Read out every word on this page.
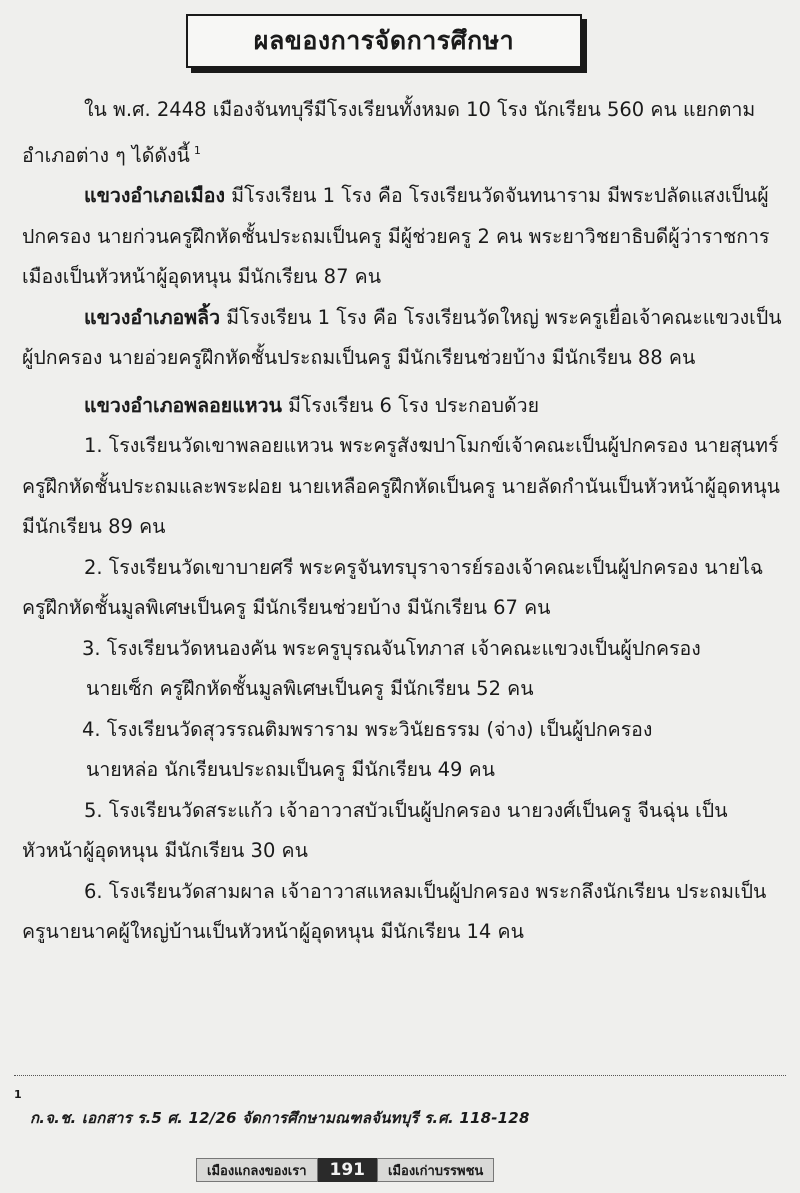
ผลของการจัดการศึกษา

ใน พ.ศ. 2448 เมืองจันทบุรีมีโรงเรียนทั้งหมด 10 โรง นักเรียน 560 คน แยกตามอำเภอต่าง ๆ ได้ดังนี้ $^1$

แขวงอำเภอเมือง มีโรงเรียน 1 โรง คือ โรงเรียนวัดจันทนาราม มีพระปลัดแสงเป็นผู้ปกครอง นายก่วนครูฝึกหัดชั้นประถมเป็นครู มีผู้ช่วยครู 2 คน พระยาวิชยาธิบดีผู้ว่าราชการเมืองเป็นหัวหน้าผู้อุดหนุน มีนักเรียน 87 คน

แขวงอำเภอพลิ้ว มีโรงเรียน 1 โรง คือ โรงเรียนวัดใหญ่ พระครูเยื่อเจ้าคณะแขวงเป็นผู้ปกครอง นายอ่วยครูฝึกหัดชั้นประถมเป็นครู มีนักเรียนช่วยบ้าง มีนักเรียน 88 คน

แขวงอำเภอพลอยแหวน มีโรงเรียน 6 โรง ประกอบด้วย

1. โรงเรียนวัดเขาพลอยแหวน พระครูสังฆปาโมกข์เจ้าคณะเป็นผู้ปกครอง นายสุนทร์ครูฝึกหัดชั้นประถมและพระฝอย นายเหลือครูฝึกหัดเป็นครู นายลัดกำนันเป็นหัวหน้าผู้อุดหนุน มีนักเรียน 89 คน

2. โรงเรียนวัดเขาบายศรี พระครูจันทรบุราจารย์รองเจ้าคณะเป็นผู้ปกครอง นายไฉครูฝึกหัดชั้นมูลพิเศษเป็นครู มีนักเรียนช่วยบ้าง มีนักเรียน 67 คน

3. โรงเรียนวัดหนองคัน พระครูบุรณจันโทภาส เจ้าคณะแขวงเป็นผู้ปกครอง
นายเซ็ก ครูฝึกหัดชั้นมูลพิเศษเป็นครู มีนักเรียน 52 คน

4. โรงเรียนวัดสุวรรณติมพราราม พระวินัยธรรม (จ่าง) เป็นผู้ปกครอง
นายหล่อ นักเรียนประถมเป็นครู มีนักเรียน 49 คน

5. โรงเรียนวัดสระแก้ว เจ้าอาวาสบัวเป็นผู้ปกครอง นายวงศ์เป็นครู จีนฉุ่น เป็นหัวหน้าผู้อุดหนุน มีนักเรียน 30 คน

6. โรงเรียนวัดสามผาล เจ้าอาวาสแหลมเป็นผู้ปกครอง พระกลึงนักเรียน ประถมเป็นครูนายนาคผู้ใหญ่บ้านเป็นหัวหน้าผู้อุดหนุน มีนักเรียน 14 คน

1
ก.จ.ช. เอกสาร ร.5 ศ. 12/26 จัดการศึกษามณฑลจันทบุรี ร.ศ. 118-128
เมืองแกลงของเรา	191	เมืองเก่าบรรพชน
